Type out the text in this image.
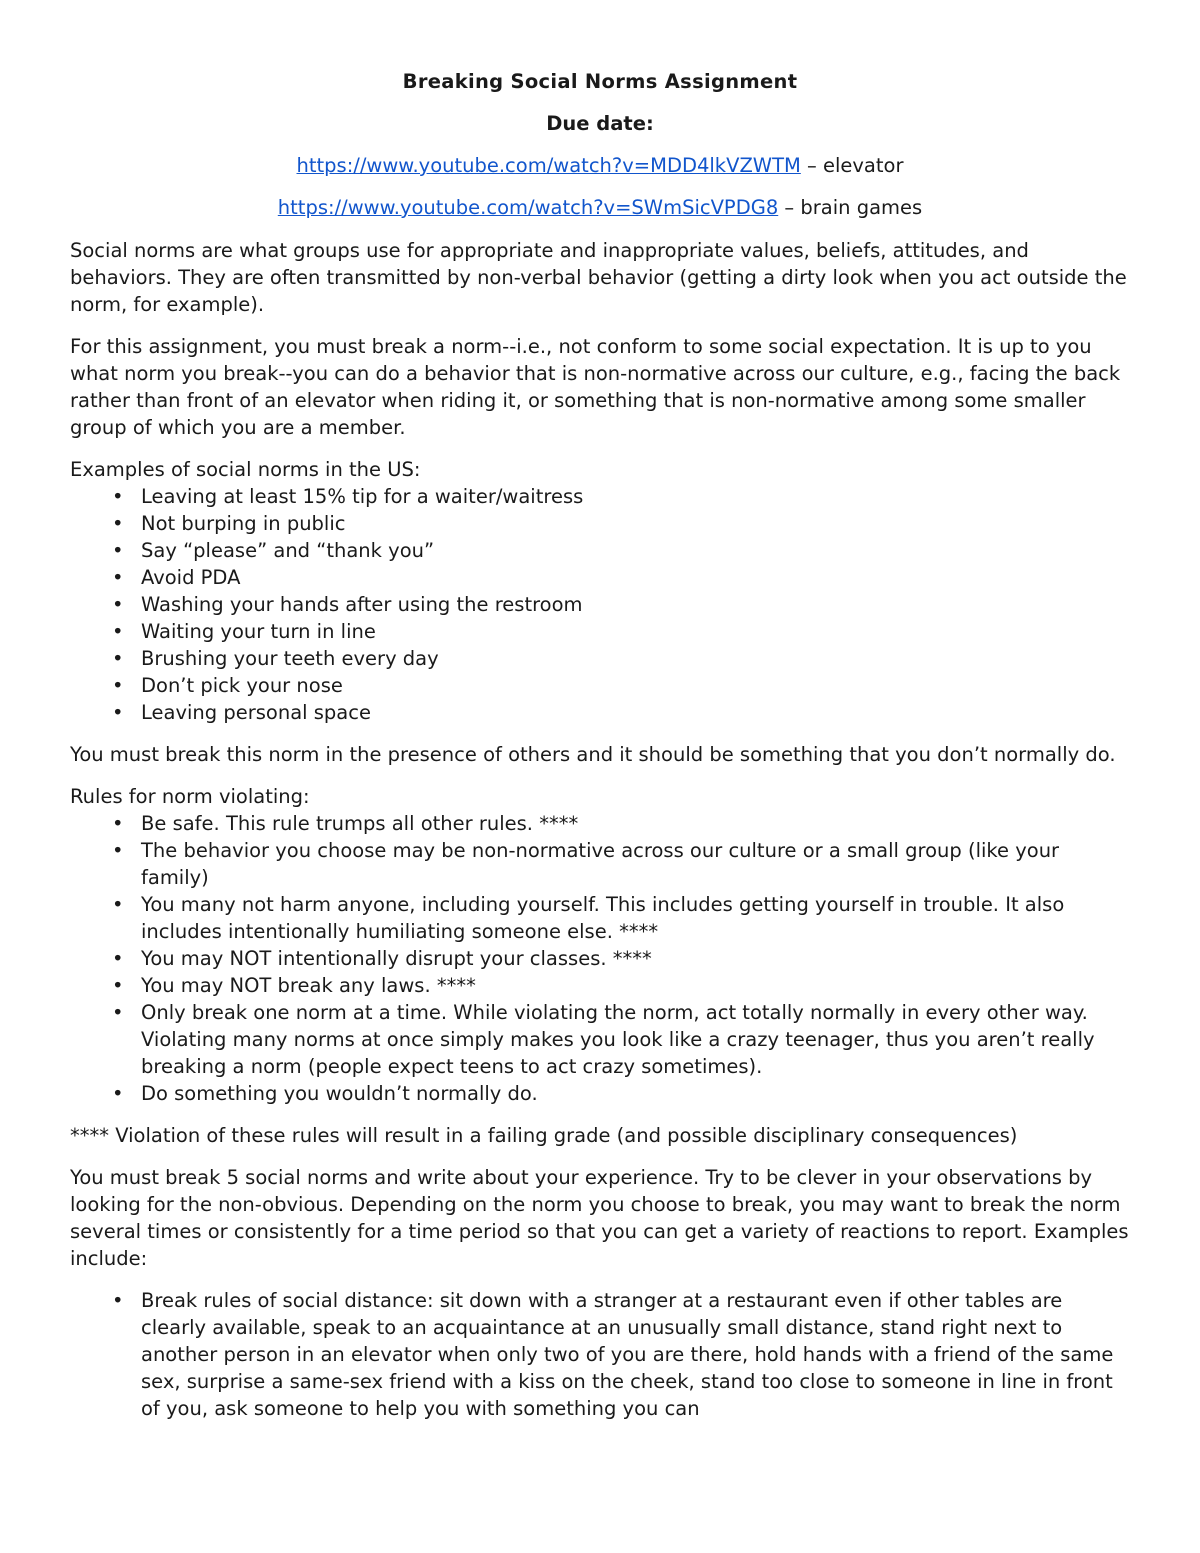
Breaking Social Norms Assignment

Due date:

https://www.youtube.com/watch?v=MDD4lkVZWTM – elevator

https://www.youtube.com/watch?v=SWmSicVPDG8 – brain games

Social norms are what groups use for appropriate and inappropriate values, beliefs, attitudes, and behaviors. They are often transmitted by non-verbal behavior (getting a dirty look when you act outside the norm, for example).

For this assignment, you must break a norm--i.e., not conform to some social expectation. It is up to you what norm you break--you can do a behavior that is non-normative across our culture, e.g., facing the back rather than front of an elevator when riding it, or something that is non-normative among some smaller group of which you are a member.

Examples of social norms in the US:

• Leaving at least 15% tip for a waiter/waitress
• Not burping in public
• Say “please” and “thank you”
• Avoid PDA
• Washing your hands after using the restroom
• Waiting your turn in line
• Brushing your teeth every day
• Don’t pick your nose
• Leaving personal space

You must break this norm in the presence of others and it should be something that you don’t normally do.

Rules for norm violating:

• Be safe. This rule trumps all other rules. ****
• The behavior you choose may be non-normative across our culture or a small group (like your family)
• You many not harm anyone, including yourself. This includes getting yourself in trouble. It also includes intentionally humiliating someone else. ****
• You may NOT intentionally disrupt your classes. ****
• You may NOT break any laws. ****
• Only break one norm at a time. While violating the norm, act totally normally in every other way. Violating many norms at once simply makes you look like a crazy teenager, thus you aren’t really breaking a norm (people expect teens to act crazy sometimes).
• Do something you wouldn’t normally do.

**** Violation of these rules will result in a failing grade (and possible disciplinary consequences)

You must break 5 social norms and write about your experience. Try to be clever in your observations by looking for the non-obvious. Depending on the norm you choose to break, you may want to break the norm several times or consistently for a time period so that you can get a variety of reactions to report. Examples include:

• Break rules of social distance: sit down with a stranger at a restaurant even if other tables are clearly available, speak to an acquaintance at an unusually small distance, stand right next to another person in an elevator when only two of you are there, hold hands with a friend of the same sex, surprise a same-sex friend with a kiss on the cheek, stand too close to someone in line in front of you, ask someone to help you with something you can
